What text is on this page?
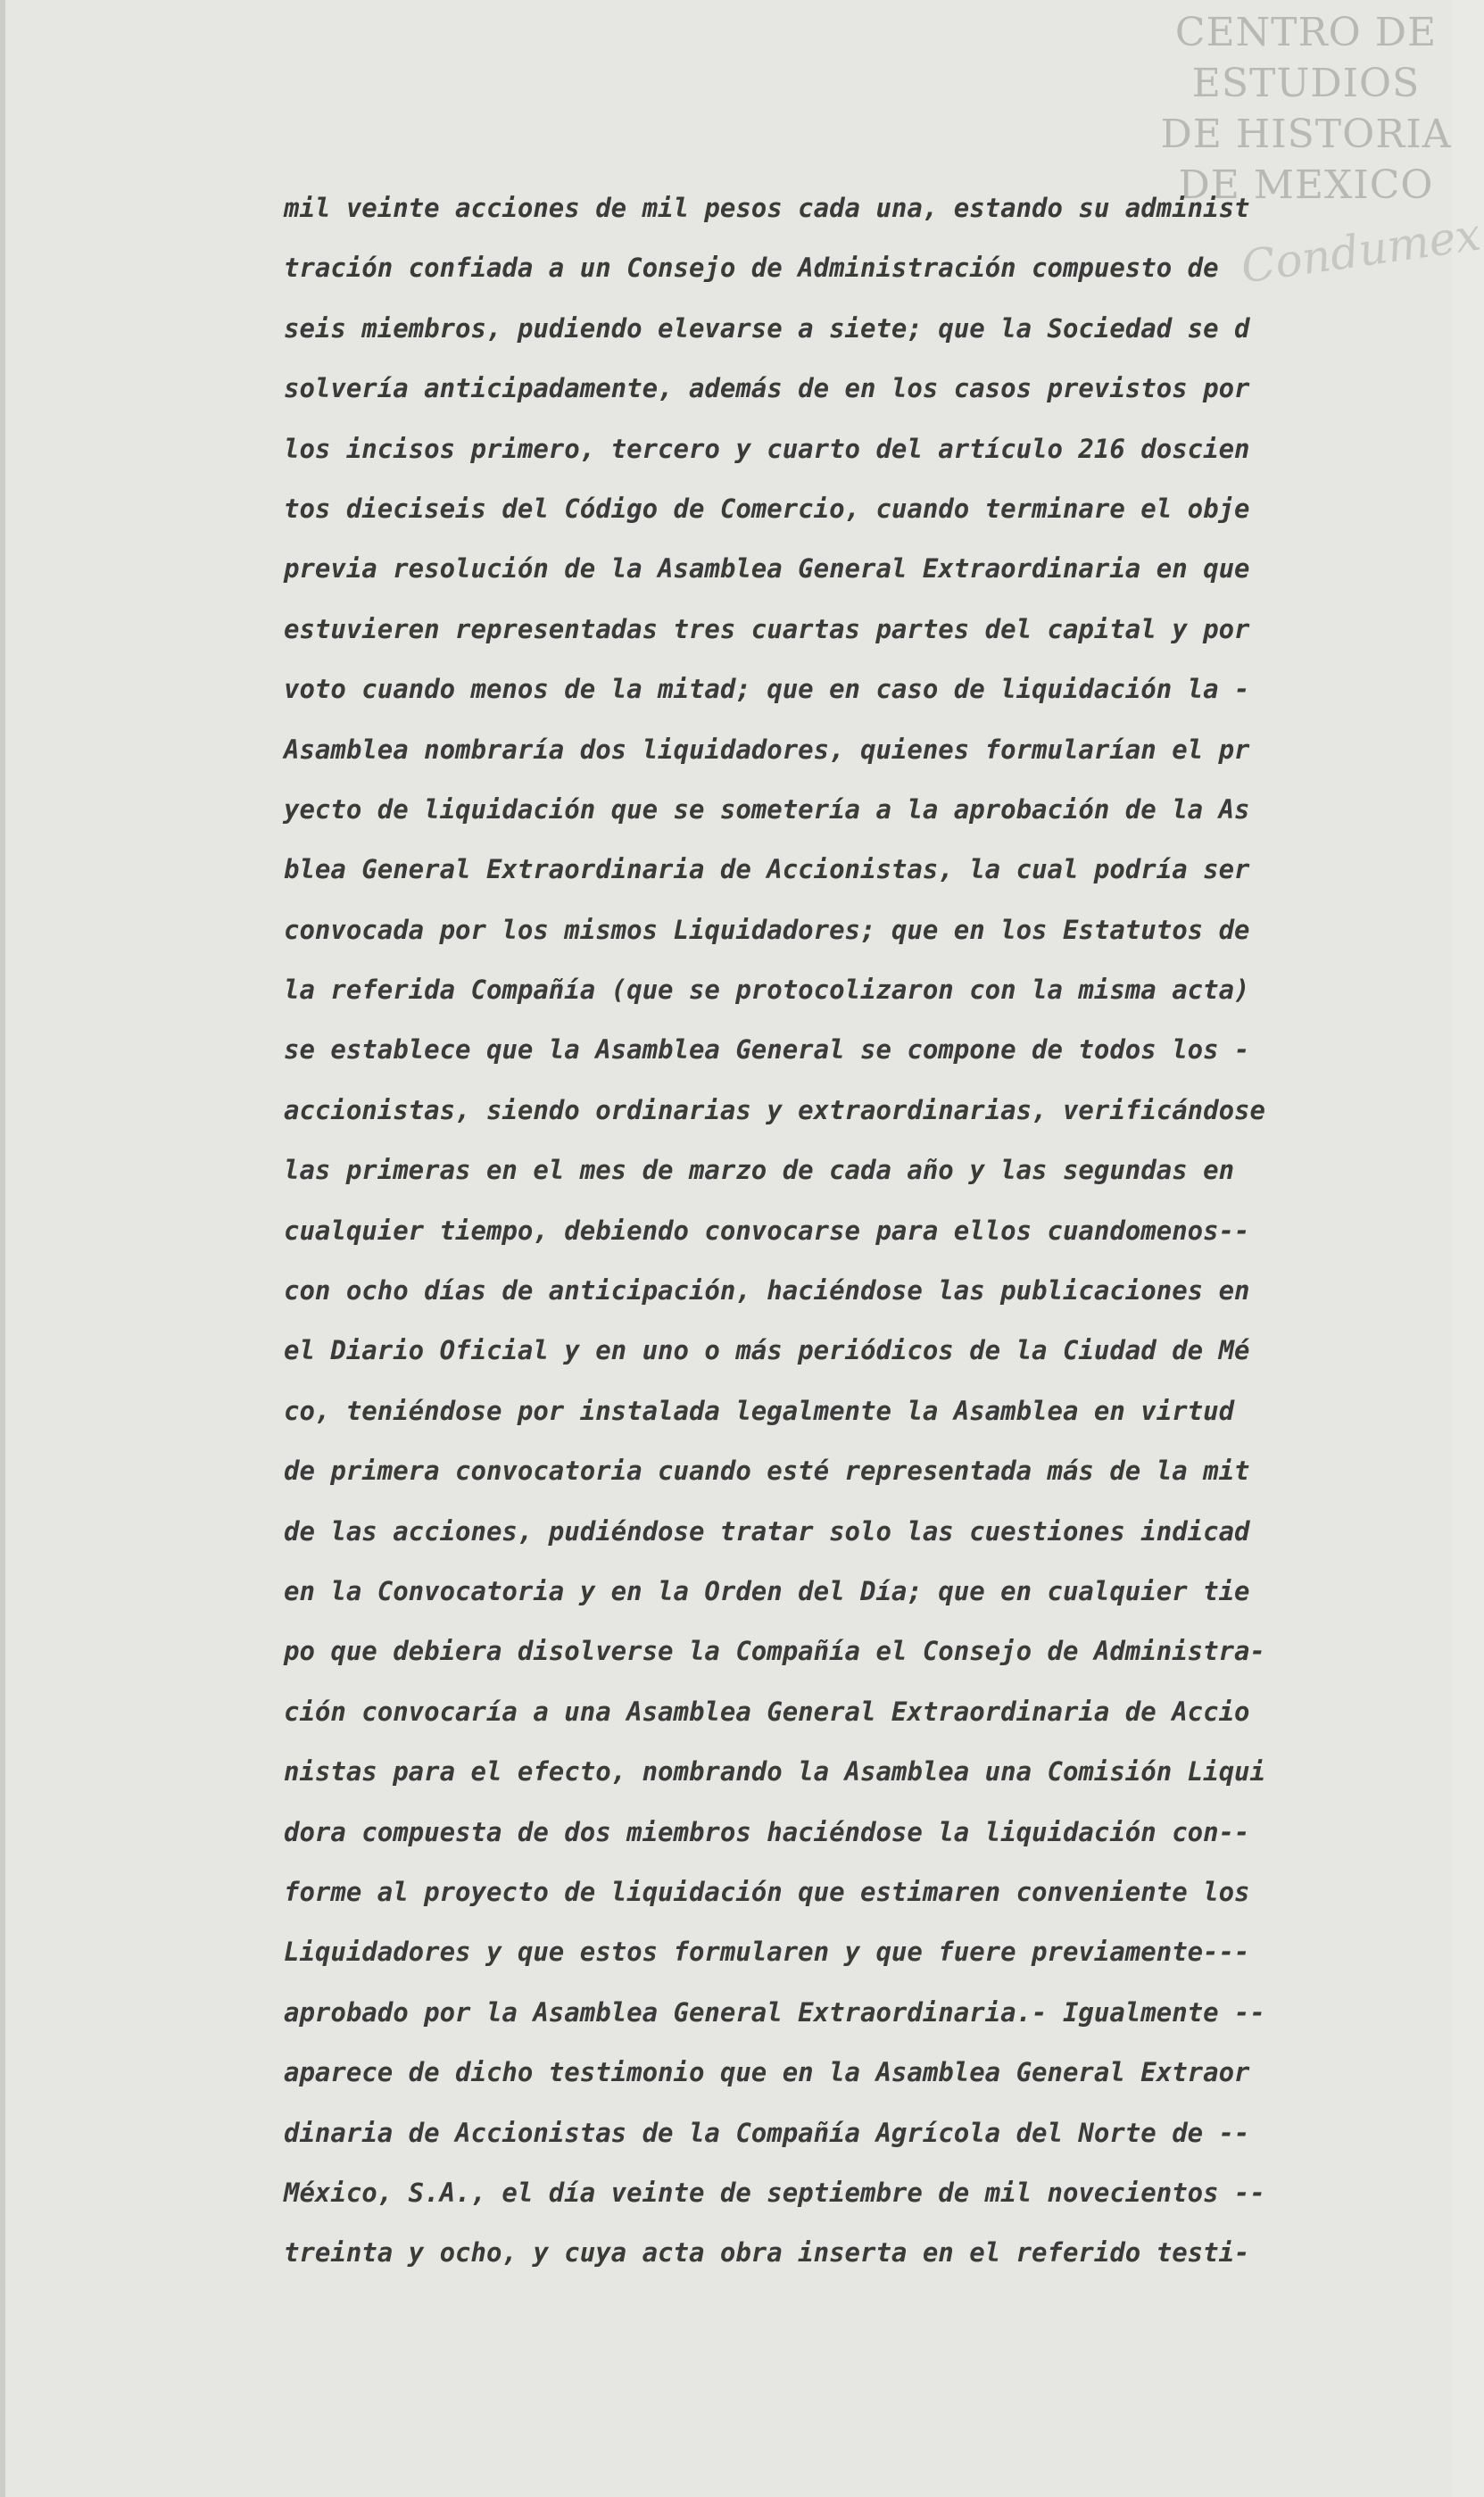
CENTRO DE
ESTUDIOS
DE HISTORIA
DE MEXICO
Condumex
mil veinte acciones de mil pesos cada una, estando su administ
tración confiada a un Consejo de Administración compuesto de
seis miembros, pudiendo elevarse a siete; que la Sociedad se d
solvería anticipadamente, además de en los casos previstos por
los incisos primero, tercero y cuarto del artículo 216 doscien
tos dieciseis del Código de Comercio, cuando terminare el obje
previa resolución de la Asamblea General Extraordinaria en que
estuvieren representadas tres cuartas partes del capital y por
voto cuando menos de la mitad; que en caso de liquidación la -
Asamblea nombraría dos liquidadores, quienes formularían el pr
yecto de liquidación que se sometería a la aprobación de la As
blea General Extraordinaria de Accionistas, la cual podría ser
convocada por los mismos Liquidadores; que en los Estatutos de
la referida Compañía (que se protocolizaron con la misma acta)
se establece que la Asamblea General se compone de todos los -
accionistas, siendo ordinarias y extraordinarias, verificándose
las primeras en el mes de marzo de cada año y las segundas en
cualquier tiempo, debiendo convocarse para ellos cuandomenos--
con ocho días de anticipación, haciéndose las publicaciones en
el Diario Oficial y en uno o más periódicos de la Ciudad de Mé
co, teniéndose por instalada legalmente la Asamblea en virtud
de primera convocatoria cuando esté representada más de la mit
de las acciones, pudiéndose tratar solo las cuestiones indicad
en la Convocatoria y en la Orden del Día; que en cualquier tie
po que debiera disolverse la Compañía el Consejo de Administra-
ción convocaría a una Asamblea General Extraordinaria de Accio
nistas para el efecto, nombrando la Asamblea una Comisión Liqui
dora compuesta de dos miembros haciéndose la liquidación con--
forme al proyecto de liquidación que estimaren conveniente los
Liquidadores y que estos formularen y que fuere previamente---
aprobado por la Asamblea General Extraordinaria.- Igualmente --
aparece de dicho testimonio que en la Asamblea General Extraor
dinaria de Accionistas de la Compañía Agrícola del Norte de --
México, S.A., el día veinte de septiembre de mil novecientos --
treinta y ocho, y cuya acta obra inserta en el referido testi-
